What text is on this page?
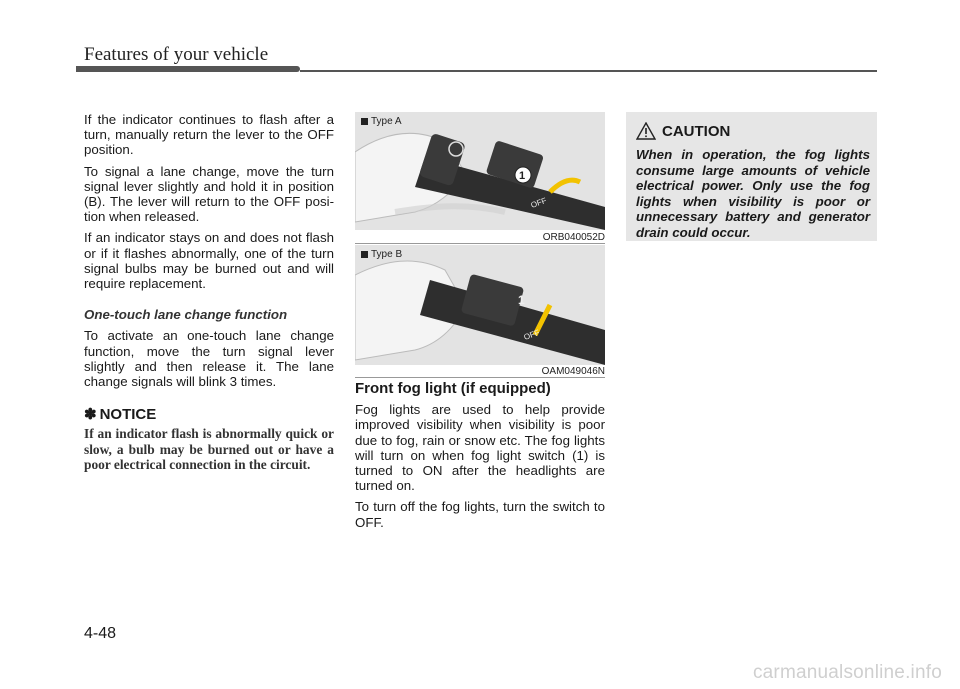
Features of your vehicle

If the indicator continues to flash after a turn, manually return the lever to the OFF position.

To signal a lane change, move the turn signal lever slightly and hold it in position (B). The lever will return to the OFF posi-tion when released.

If an indicator stays on and does not flash or if it flashes abnormally, one of the turn signal bulbs may be burned out and will require replacement.

One-touch lane change function

To activate an one-touch lane change function, move the turn signal lever slightly and then release it. The lane change signals will blink 3 times.

✽ NOTICE
If an indicator flash is abnormally quick or slow, a bulb may be burned out or have a poor electrical connection in the circuit.
1
OFF
Type A
ORB040052D
1
OFF
Type B
OAM049046N
Front fog light (if equipped)

Fog lights are used to help provide improved visibility when visibility is poor due to fog, rain or snow etc. The fog lights will turn on when fog light switch (1) is turned to ON after the headlights are turned on.

To turn off the fog lights, turn the switch to OFF.

CAUTION
When in operation, the fog lights consume large amounts of vehicle electrical power. Only use the fog lights when visibility is poor or unnecessary battery and generator drain could occur.
4-48
carmanualsonline.info
